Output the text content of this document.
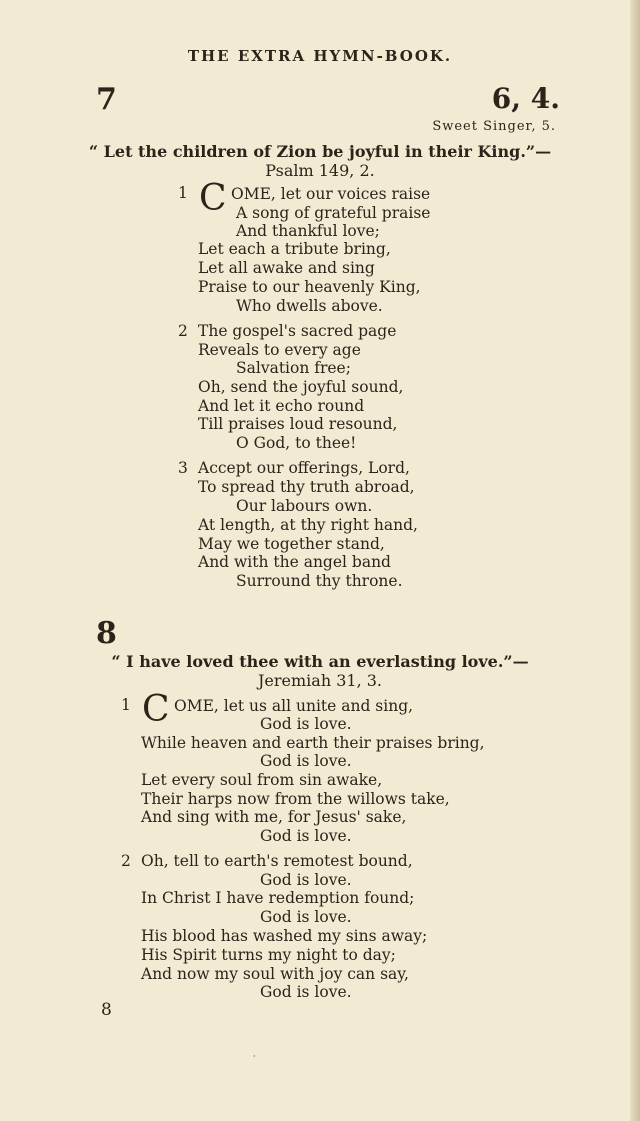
THE EXTRA HYMN-BOOK.
7	6, 4.
Sweet Singer, 5.
“ Let the children of Zion be joyful in their King.”—
Psalm 149, 2.
1 C OME, let our voices raise
A song of grateful praise
And thankful love;
Let each a tribute bring,
Let all awake and sing
Praise to our heavenly King,
Who dwells above.
2 The gospel's sacred page
Reveals to every age
Salvation free;
Oh, send the joyful sound,
And let it echo round
Till praises loud resound,
O God, to thee!
3 Accept our offerings, Lord,
To spread thy truth abroad,
Our labours own.
At length, at thy right hand,
May we together stand,
And with the angel band
Surround thy throne.
8
“ I have loved thee with an everlasting love.”—
Jeremiah 31, 3.
1 C OME, let us all unite and sing,
God is love.
While heaven and earth their praises bring,
God is love.
Let every soul from sin awake,
Their harps now from the willows take,
And sing with me, for Jesus' sake,
God is love.
2 Oh, tell to earth's remotest bound,
God is love.
In Christ I have redemption found;
God is love.
His blood has washed my sins away;
His Spirit turns my night to day;
And now my soul with joy can say,
God is love.
8
·
